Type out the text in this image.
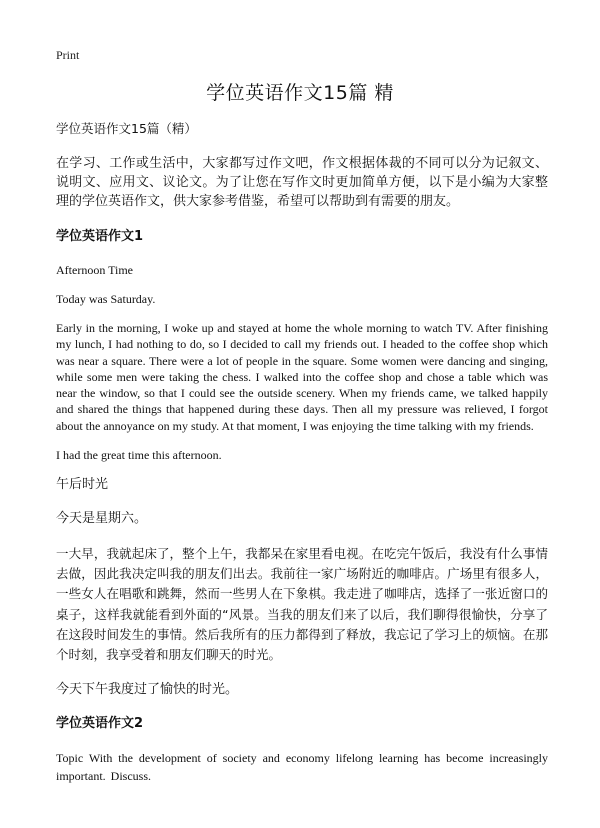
Print
学位英语作文15篇 精

学位英语作文15篇（精）

在学习、工作或生活中，大家都写过作文吧，作文根据体裁的不同可以分为记叙文、说明文、应用文、议论文。为了让您在写作文时更加简单方便，以下是小编为大家整理的学位英语作文，供大家参考借鉴，希望可以帮助到有需要的朋友。

学位英语作文1

Afternoon Time

Today was Saturday.

Early in the morning, I woke up and stayed at home the whole morning to watch TV. After finishing my lunch, I had nothing to do, so I decided to call my friends out. I headed to the coffee shop which was near a square. There were a lot of people in the square. Some women were dancing and singing, while some men were taking the chess. I walked into the coffee shop and chose a table which was near the window, so that I could see the outside scenery. When my friends came, we talked happily and shared the things that happened during these days. Then all my pressure was relieved, I forgot about the annoyance on my study. At that moment, I was enjoying the time talking with my friends.

I had the great time this afternoon.

午后时光

今天是星期六。

一大早，我就起床了，整个上午，我都呆在家里看电视。在吃完午饭后，我没有什么事情去做，因此我决定叫我的朋友们出去。我前往一家广场附近的咖啡店。广场里有很多人，一些女人在唱歌和跳舞，然而一些男人在下象棋。我走进了咖啡店，选择了一张近窗口的桌子，这样我就能看到外面的“风景。当我的朋友们来了以后，我们聊得很愉快，分享了在这段时间发生的事情。然后我所有的压力都得到了释放，我忘记了学习上的烦恼。在那个时刻，我享受着和朋友们聊天的时光。

今天下午我度过了愉快的时光。

学位英语作文2

Topic With the development of society and economy lifelong learning has become increasingly important. Discuss.
